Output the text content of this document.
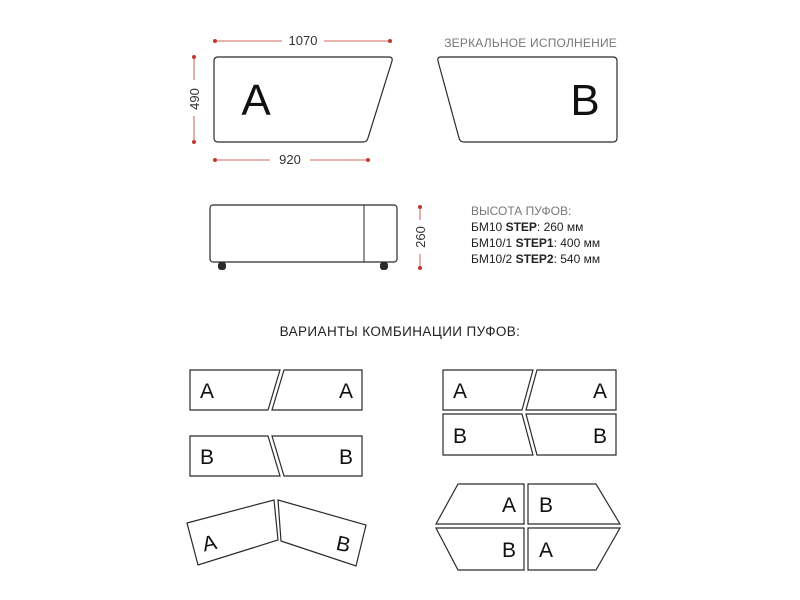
1070
490 A
920
ЗЕРКАЛЬНОЕ ИСПОЛНЕНИЕ
B
260
ВЫСОТА ПУФОВ:
БМ10 STEP: 260 мм
БМ10/1 STEP1: 400 мм
БМ10/2 STEP2: 540 мм
ВАРИАНТЫ КОМБИНАЦИИ ПУФОВ:
A	A
B	B
A	B
A	A
B	B
A B
B A
